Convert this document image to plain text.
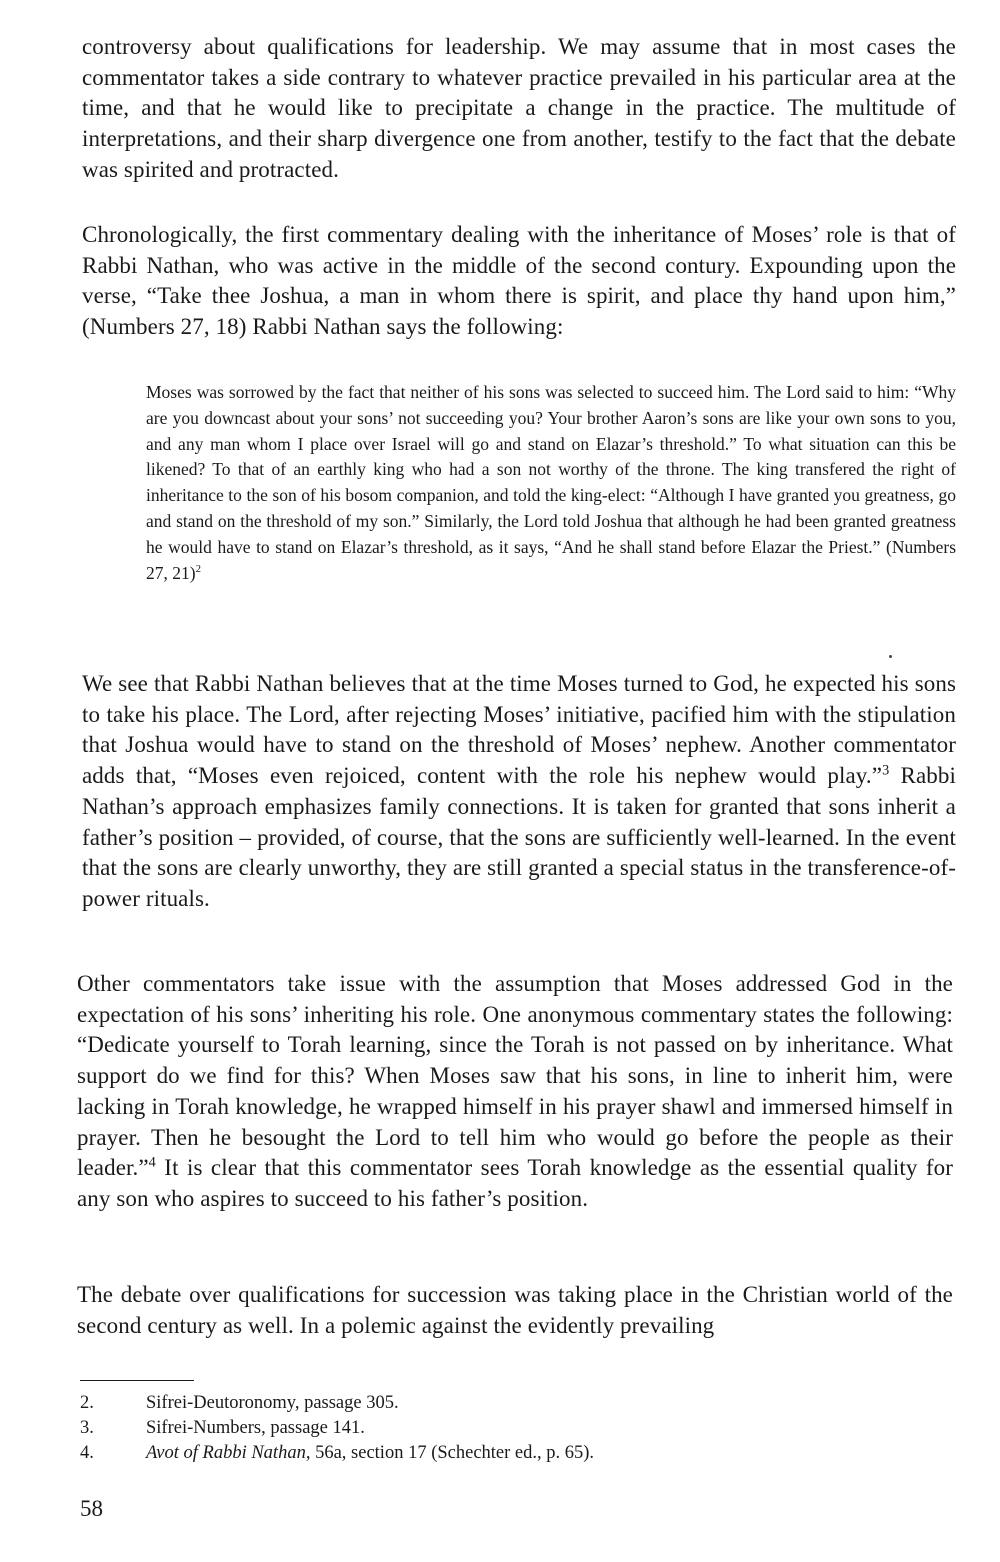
controversy about qualifications for leadership. We may assume that in most cases the commentator takes a side contrary to whatever practice prevailed in his particular area at the time, and that he would like to precipitate a change in the practice. The multitude of interpretations, and their sharp divergence one from another, testify to the fact that the debate was spirited and protracted.

Chronologically, the first commentary dealing with the inheritance of Moses’ role is that of Rabbi Nathan, who was active in the middle of the second contury. Expounding upon the verse, “Take thee Joshua, a man in whom there is spirit, and place thy hand upon him,” (Numbers 27, 18) Rabbi Nathan says the following:

Moses was sorrowed by the fact that neither of his sons was selected to succeed him. The Lord said to him: “Why are you downcast about your sons’ not succeeding you? Your brother Aaron’s sons are like your own sons to you, and any man whom I place over Israel will go and stand on Elazar’s threshold.” To what situation can this be likened? To that of an earthly king who had a son not worthy of the throne. The king transfered the right of inheritance to the son of his bosom companion, and told the king-elect: “Although I have granted you greatness, go and stand on the threshold of my son.” Similarly, the Lord told Joshua that although he had been granted greatness he would have to stand on Elazar’s threshold, as it says, “And he shall stand before Elazar the Priest.” (Numbers 27, 21)$^2$

We see that Rabbi Nathan believes that at the time Moses turned to God, he expected his sons to take his place. The Lord, after rejecting Moses’ initiative, pacified him with the stipulation that Joshua would have to stand on the threshold of Moses’ nephew. Another commentator adds that, “Moses even rejoiced, content with the role his nephew would play.”$^3$ Rabbi Nathan’s approach emphasizes family connections. It is taken for granted that sons inherit a father’s position – provided, of course, that the sons are sufficiently well-learned. In the event that the sons are clearly unworthy, they are still granted a special status in the transference-of-power rituals.

Other commentators take issue with the assumption that Moses addressed God in the expectation of his sons’ inheriting his role. One anonymous commentary states the following: “Dedicate yourself to Torah learning, since the Torah is not passed on by inheritance. What support do we find for this? When Moses saw that his sons, in line to inherit him, were lacking in Torah knowledge, he wrapped himself in his prayer shawl and immersed himself in prayer. Then he besought the Lord to tell him who would go before the people as their leader.”$^4$ It is clear that this commentator sees Torah knowledge as the essential quality for any son who aspires to succeed to his father’s position.

The debate over qualifications for succession was taking place in the Christian world of the second century as well. In a polemic against the evidently prevailing

2.	Sifrei-Deutoronomy, passage 305.
3.	Sifrei-Numbers, passage 141.
4.	Avot of Rabbi Nathan, 56a, section 17 (Schechter ed., p. 65).
58
